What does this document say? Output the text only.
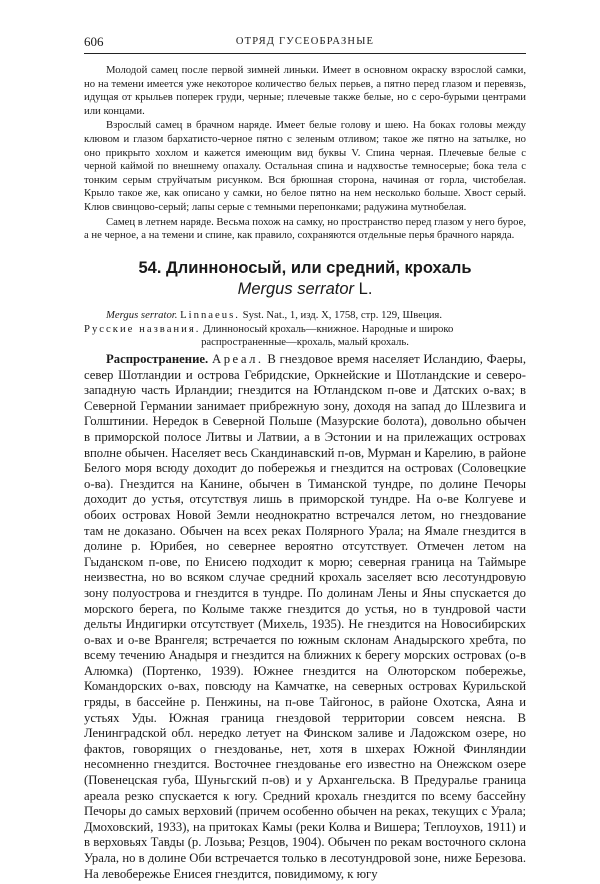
606	ОТРЯД ГУСЕОБРАЗНЫЕ

Молодой самец после первой зимней линьки. Имеет в основном окраску взрослой самки, но на темени имеется уже некоторое количество белых перьев, а пятно перед глазом и перевязь, идущая от крыльев поперек груди, черные; плечевые также белые, но с серо-бурыми центрами или концами.

Взрослый самец в брачном наряде. Имеет белые голову и шею. На боках головы между клювом и глазом бархатисто-черное пятно с зеленым отливом; такое же пятно на затылке, но оно прикрыто хохлом и кажется имеющим вид буквы V. Спина черная. Плечевые белые с черной каймой по внешнему опахалу. Остальная спина и надхвостье темносерые; бока тела с тонким серым струйчатым рисунком. Вся брюшная сторона, начиная от горла, чистобелая. Крыло такое же, как описано у самки, но белое пятно на нем несколько больше. Хвост серый. Клюв свинцово-серый; лапы серые с темными перепонками; радужина мутнобелая.

Самец в летнем наряде. Весьма похож на самку, но пространство перед глазом у него бурое, а не черное, а на темени и спине, как правило, сохраняются отдельные перья брачного наряда.

54. Длинноносый, или средний, крохаль
Mergus serrator L.

Mergus serrator. Linnaeus. Syst. Nat., 1, изд. X, 1758, стр. 129, Швеция.

Русские названия. Длинноносый крохаль—книжное. Народные и широко

распространенные—крохаль, малый крохаль.

Распространение. Ареал. В гнездовое время населяет Исландию, Фаеры, север Шотландии и острова Гебридские, Оркнейские и Шотландские и северо-западную часть Ирландии; гнездится на Ютландском п-ове и Датских о-вах; в Северной Германии занимает прибрежную зону, доходя на запад до Шлезвига и Голштинии. Нередок в Северной Польше (Мазурские болота), довольно обычен в приморской полосе Литвы и Латвии, а в Эстонии и на прилежащих островах вполне обычен. Населяет весь Скандинавский п-ов, Мурман и Карелию, в районе Белого моря всюду доходит до побережья и гнездится на островах (Соловецкие о-ва). Гнездится на Канине, обычен в Тиманской тундре, по долине Печоры доходит до устья, отсутствуя лишь в приморской тундре. На о-ве Колгуеве и обоих островах Новой Земли неоднократно встречался летом, но гнездование там не доказано. Обычен на всех реках Полярного Урала; на Ямале гнездится в долине р. Юрибея, но севернее вероятно отсутствует. Отмечен летом на Гыданском п-ове, по Енисею подходит к морю; северная граница на Таймыре неизвестна, но во всяком случае средний крохаль заселяет всю лесотундровую зону полуострова и гнездится в тундре. По долинам Лены и Яны спускается до морского берега, по Колыме также гнездится до устья, но в тундровой части дельты Индигирки отсутствует (Михель, 1935). Не гнездится на Новосибирских о-вах и о-ве Врангеля; встречается по южным склонам Анадырского хребта, по всему течению Анадыря и гнездится на ближних к берегу морских островах (о-в Алюмка) (Портенко, 1939). Южнее гнездится на Олюторском побережье, Командорских о-вах, повсюду на Камчатке, на северных островах Курильской гряды, в бассейне р. Пенжины, на п-ове Тайгонос, в районе Охотска, Аяна и устьях Уды. Южная граница гнездовой территории совсем неясна. В Ленинградской обл. нередко летует на Финском заливе и Ладожском озере, но фактов, говорящих о гнездованье, нет, хотя в шхерах Южной Финляндии несомненно гнездится. Восточнее гнездованье его известно на Онежском озере (Повенецская губа, Шуньгский п-ов) и у Архангельска. В Предуралье граница ареала резко спускается к югу. Средний крохаль гнездится по всему бассейну Печоры до самых верховий (причем особенно обычен на реках, текущих с Урала; Дмоховский, 1933), на притоках Камы (реки Колва и Вишера; Теплоухов, 1911) и в верховьях Тавды (р. Лозьва; Резцов, 1904). Обычен по рекам восточного склона Урала, но в долине Оби встречается только в лесотундровой зоне, ниже Березова. На левобережье Енисея гнездится, повидимому, к югу
